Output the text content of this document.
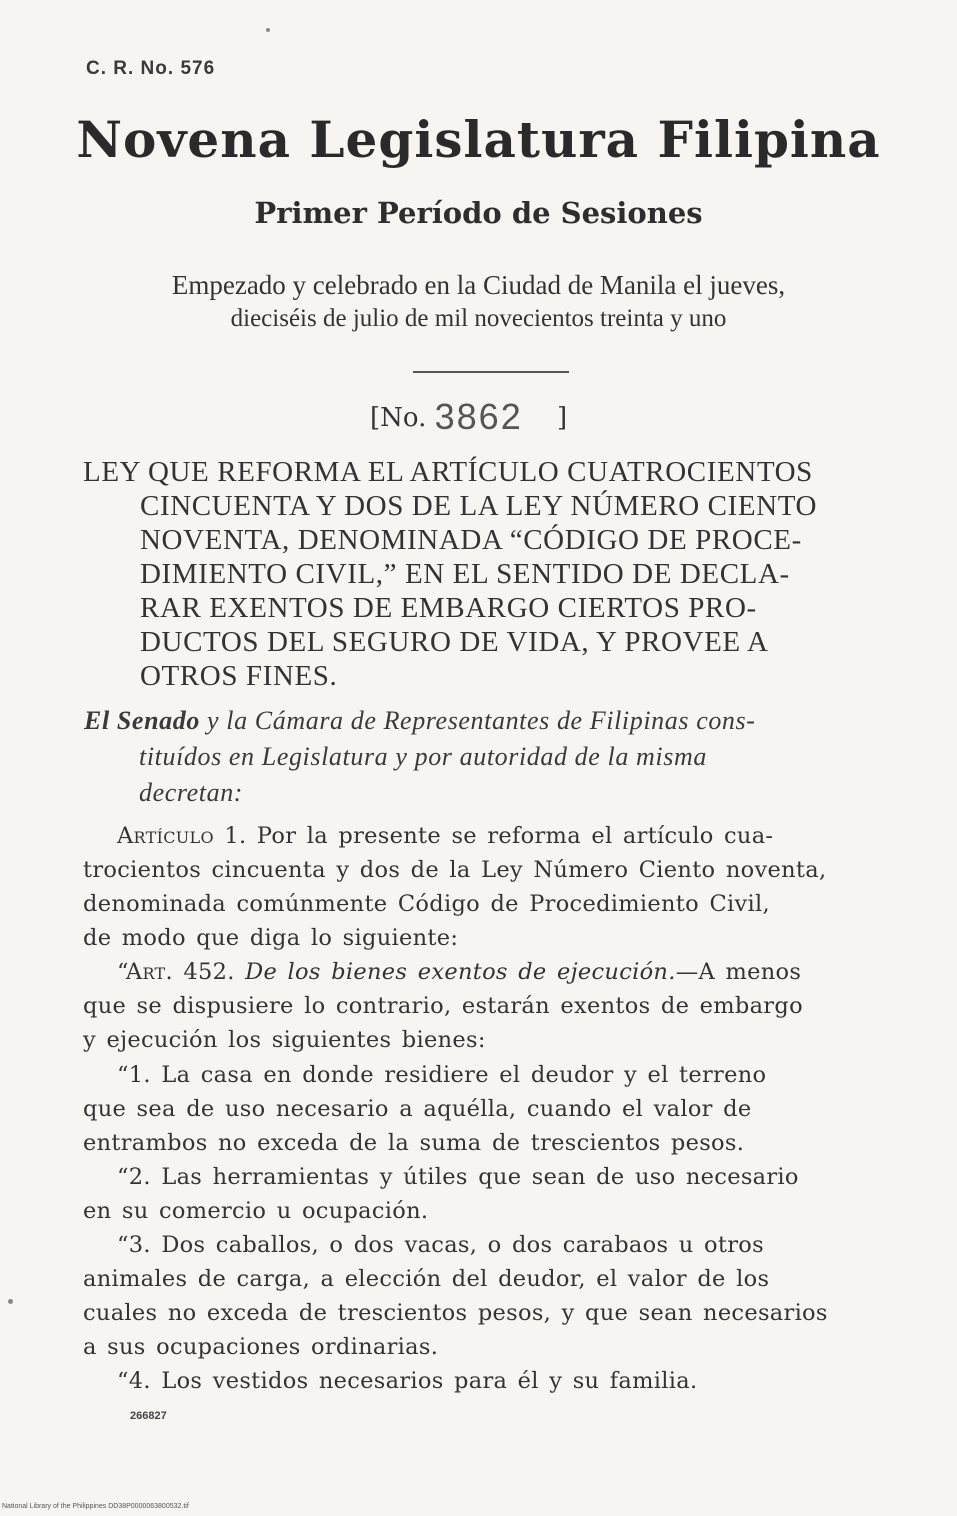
C. R. No. 576
Novena Legislatura Filipina
Primer Período de Sesiones
Empezado y celebrado en la Ciudad de Manila el jueves,
dieciséis de julio de mil novecientos treinta y uno
[No. 3862 ]
LEY QUE REFORMA EL ARTÍCULO CUATROCIENTOS
CINCUENTA Y DOS DE LA LEY NÚMERO CIENTO
NOVENTA, DENOMINADA “CÓDIGO DE PROCE-
DIMIENTO CIVIL,” EN EL SENTIDO DE DECLA-
RAR EXENTOS DE EMBARGO CIERTOS PRO-
DUCTOS DEL SEGURO DE VIDA, Y PROVEE A
OTROS FINES.
El Senado y la Cámara de Representantes de Filipinas cons-
tituídos en Legislatura y por autoridad de la misma
decretan:
Artículo 1. Por la presente se reforma el artículo cua-
trocientos cincuenta y dos de la Ley Número Ciento noventa,
denominada comúnmente Código de Procedimiento Civil,
de modo que diga lo siguiente:
“Art. 452. De los bienes exentos de ejecución.—A menos
que se dispusiere lo contrario, estarán exentos de embargo
y ejecución los siguientes bienes:
“1. La casa en donde residiere el deudor y el terreno
que sea de uso necesario a aquélla, cuando el valor de
entrambos no exceda de la suma de trescientos pesos.
“2. Las herramientas y útiles que sean de uso necesario
en su comercio u ocupación.
“3. Dos caballos, o dos vacas, o dos carabaos u otros
animales de carga, a elección del deudor, el valor de los
cuales no exceda de trescientos pesos, y que sean necesarios
a sus ocupaciones ordinarias.
“4. Los vestidos necesarios para él y su familia.
266827
National Library of the Philippines DD38P0000063800532.tif
